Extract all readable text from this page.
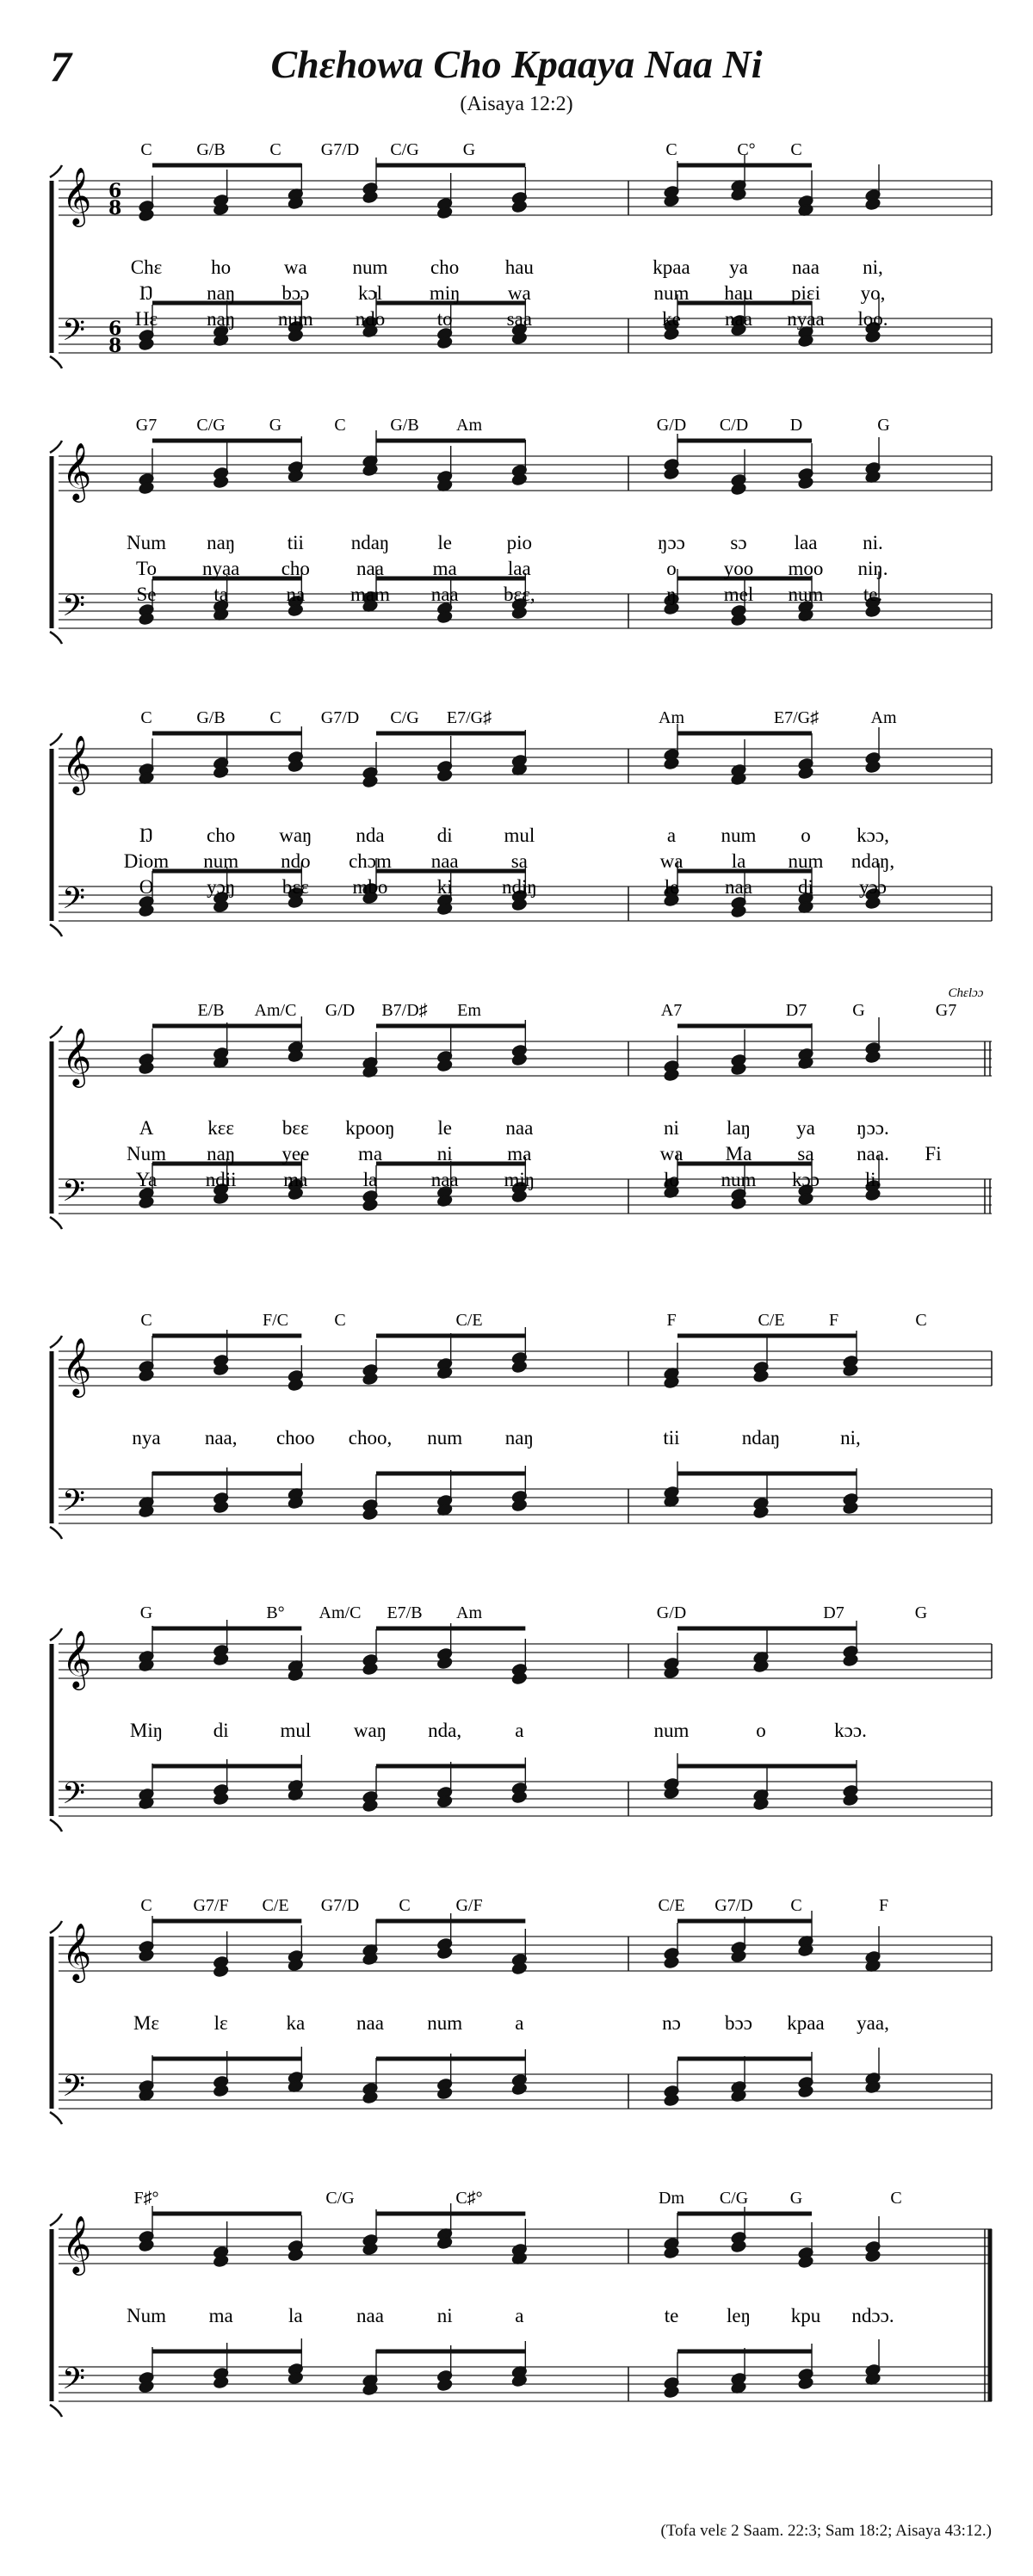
7	Chɛhowa Cho Kpaaya Naa Ni
(Aisaya 12:2)
C	G/B	C G7/D C/G	G	C	C° C
𝄞
𝄢
6
8
6
8
Chɛ ho	wa num cho hau	kpaa ya naa ni,
Ŋ	naŋ bɔɔ kɔl miŋ wa	num hau piɛi yo,
Hɛ naŋ num ndo	to	saa	ke naa nyaa loo.
G7 C/G	G	C	G/B Am	G/D C/D D	G
𝄞
𝄢
Num naŋ	tii ndaŋ le	pio	ŋɔɔ sɔ laa ni.
To nyaa cho naa ma	laa	o yoo moo niŋ.
Se	ta	na mam naa bɛɛ,	ŋ mel num te.
C	G/B	C G7/D C/G E7/G♯	Am	E7/G♯	Am
𝄞
𝄢
Ŋ	cho waŋ nda	di	mul	a num o kɔɔ,
Diom num ndo chɔm naa	sa	wa la num ndaŋ,
O	yɔŋ bɛɛ mbo ki ndiŋ	le naa di yɔɔ
E/B Am/C G/D B7/D♯ Em	A7	D7	G	G7
Chɛlɔɔ
𝄞
𝄢
A	kɛɛ bɛɛ kpooŋ le	naa	ni laŋ ya ŋɔɔ.
Num naŋ yee ma	ni	ma	wa Ma sa naa. Fi
Ya ndii ma	la	naa miŋ	lo num kɔɔ li.
C	F/C	C	C/E	F	C/E	F	C
𝄞
𝄢
nya naa, choo choo, num naŋ	tii	ndaŋ	ni,
G	B° Am/C E7/B Am	G/D	D7	G
𝄞
𝄢
Miŋ	di	mul waŋ nda,	a	num	o	kɔɔ.
C G7/F C/E G7/D C	G/F	C/E G7/D C	F
𝄞
𝄢
Mɛ	lɛ	ka	naa num	a	nɔ bɔɔ kpaa yaa,
F♯°	C/G	C♯°	Dm C/G G	C
𝄞
𝄢
Num ma	la	naa	ni	a	te leŋ kpu ndɔɔ.
(Tofa velɛ 2 Saam. 22:3; Sam 18:2; Aisaya 43:12.)
